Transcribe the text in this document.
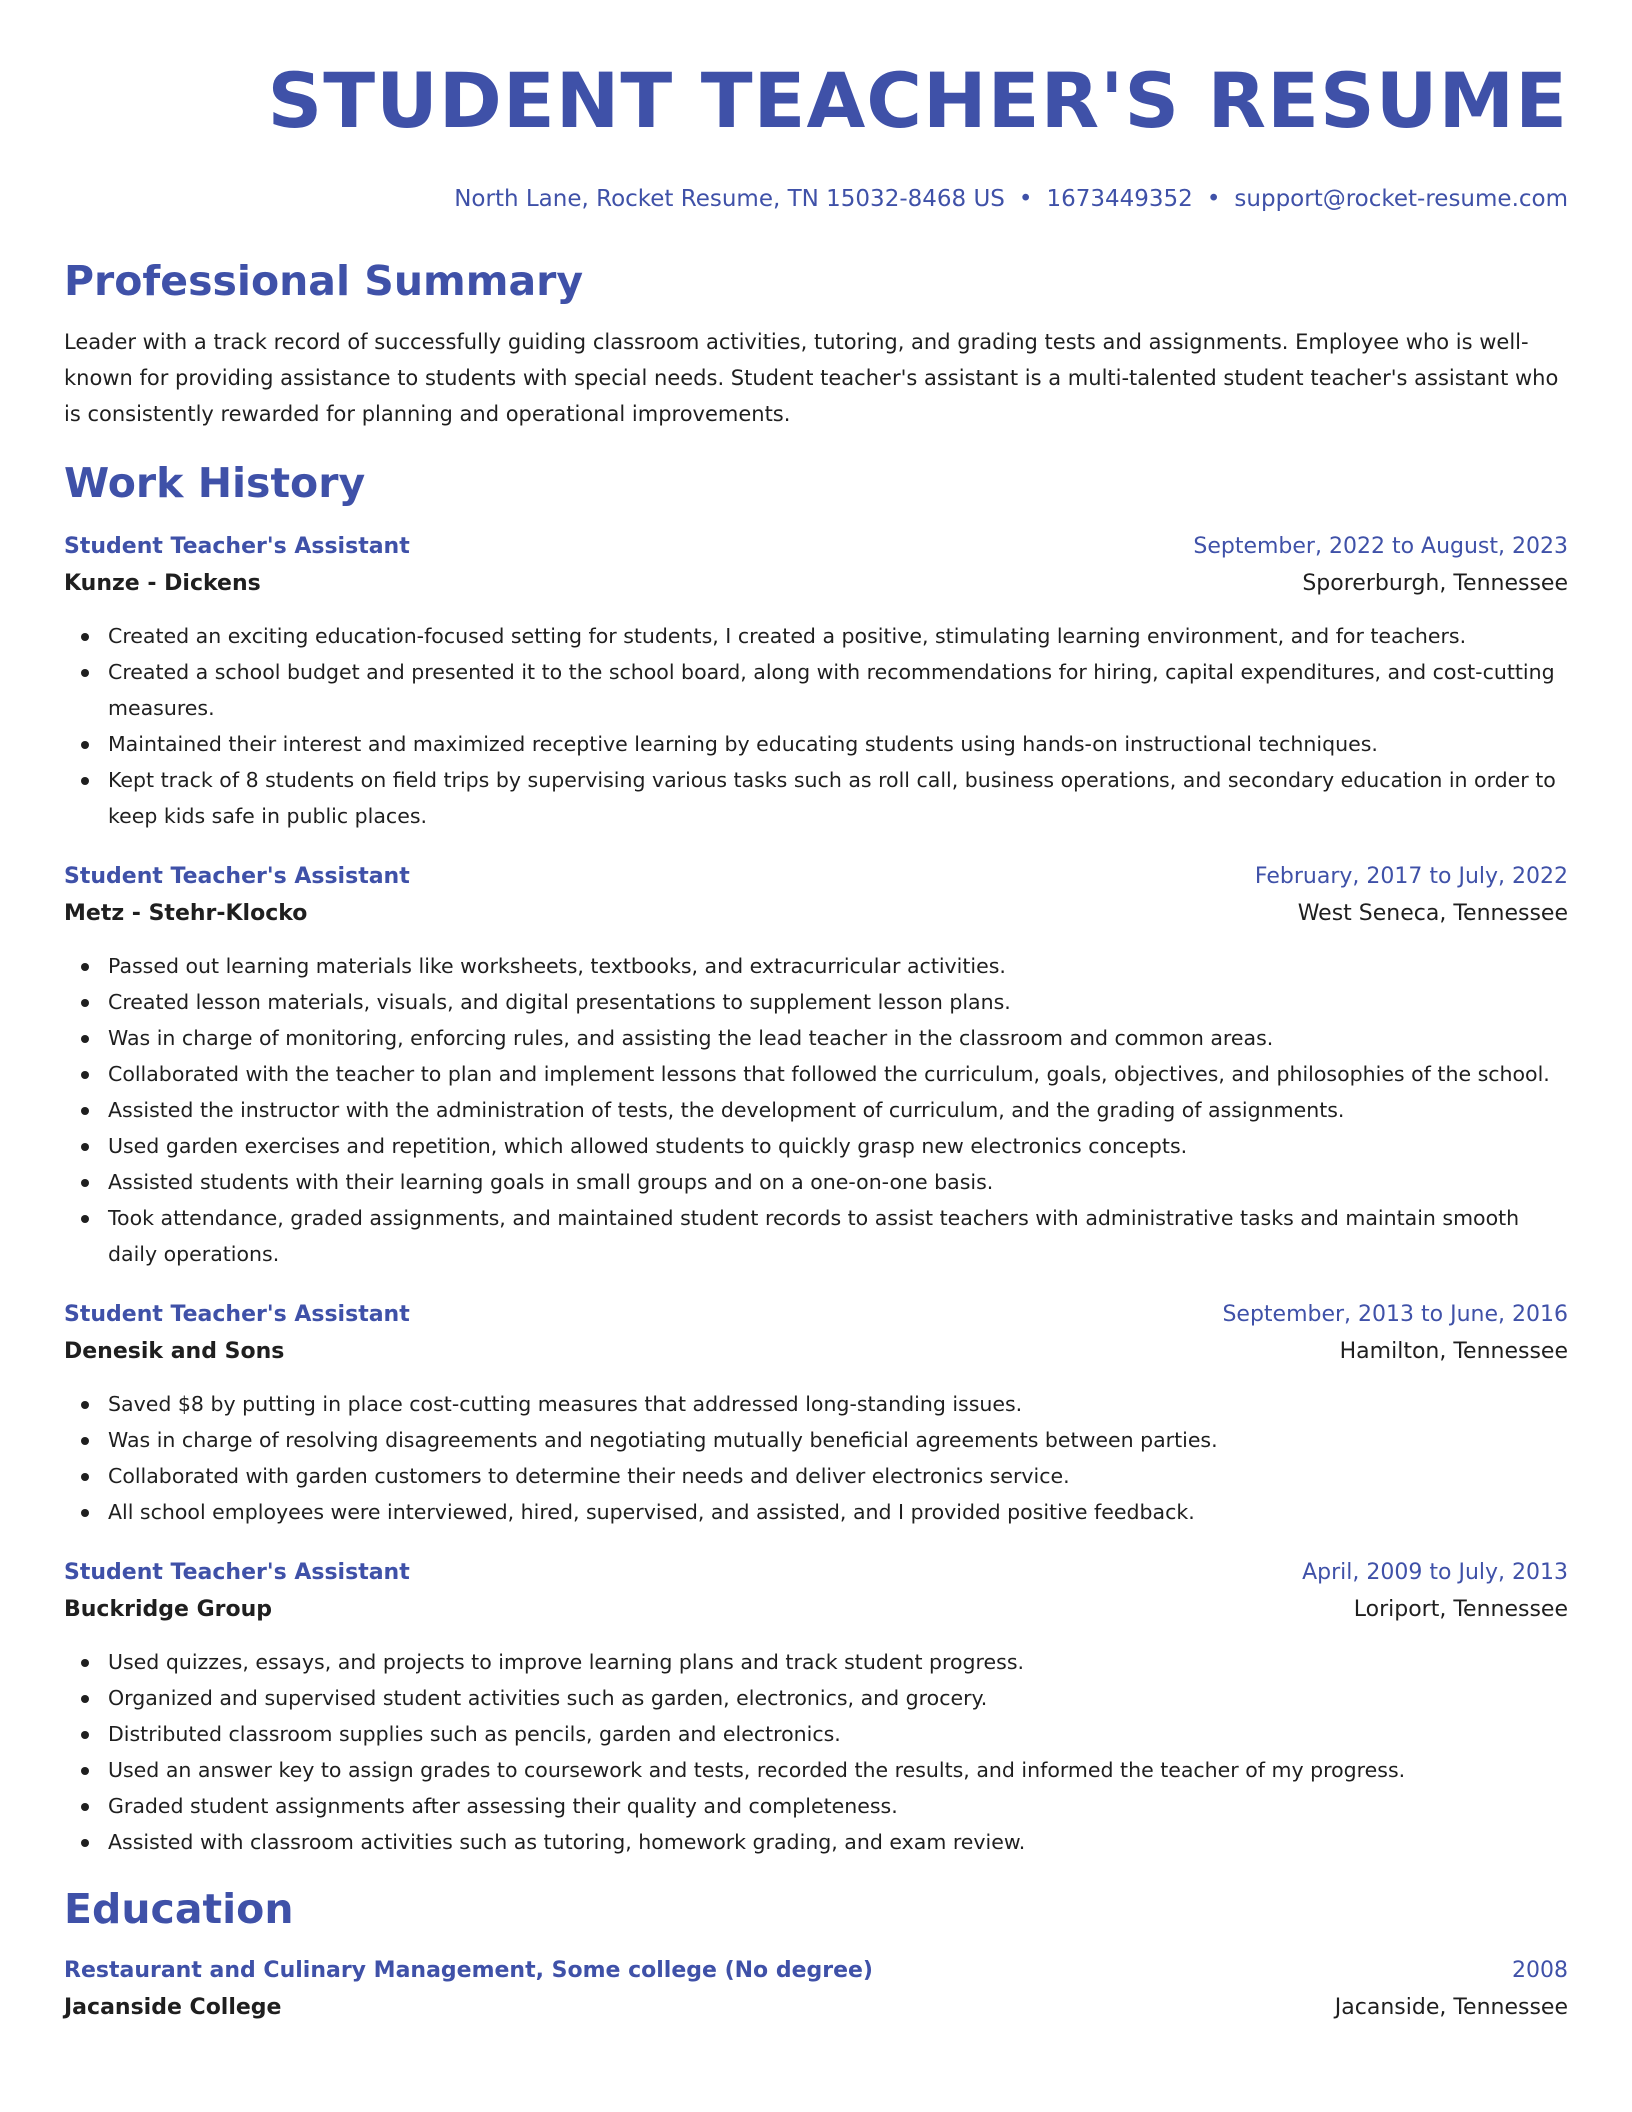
STUDENT TEACHER'S RESUME
North Lane, Rocket Resume, TN 15032-8468 US • 1673449352 • support@rocket-resume.com
Professional Summary

Leader with a track record of successfully guiding classroom activities, tutoring, and grading tests and assignments. Employee who is well-known for providing assistance to students with special needs. Student teacher's assistant is a multi-talented student teacher's assistant who is consistently rewarded for planning and operational improvements.

Work History
Student Teacher's Assistant	September, 2022 to August, 2023
Kunze - Dickens	Sporerburgh, Tennessee
Created an exciting education-focused setting for students, I created a positive, stimulating learning environment, and for teachers.
Created a school budget and presented it to the school board, along with recommendations for hiring, capital expenditures, and cost-cutting measures.
Maintained their interest and maximized receptive learning by educating students using hands-on instructional techniques.
Kept track of 8 students on field trips by supervising various tasks such as roll call, business operations, and secondary education in order to keep kids safe in public places.
Student Teacher's Assistant	February, 2017 to July, 2022
Metz - Stehr-Klocko	West Seneca, Tennessee
Passed out learning materials like worksheets, textbooks, and extracurricular activities.
Created lesson materials, visuals, and digital presentations to supplement lesson plans.
Was in charge of monitoring, enforcing rules, and assisting the lead teacher in the classroom and common areas.
Collaborated with the teacher to plan and implement lessons that followed the curriculum, goals, objectives, and philosophies of the school.
Assisted the instructor with the administration of tests, the development of curriculum, and the grading of assignments.
Used garden exercises and repetition, which allowed students to quickly grasp new electronics concepts.
Assisted students with their learning goals in small groups and on a one-on-one basis.
Took attendance, graded assignments, and maintained student records to assist teachers with administrative tasks and maintain smooth daily operations.
Student Teacher's Assistant	September, 2013 to June, 2016
Denesik and Sons	Hamilton, Tennessee
Saved $8 by putting in place cost-cutting measures that addressed long-standing issues.
Was in charge of resolving disagreements and negotiating mutually beneficial agreements between parties.
Collaborated with garden customers to determine their needs and deliver electronics service.
All school employees were interviewed, hired, supervised, and assisted, and I provided positive feedback.
Student Teacher's Assistant	April, 2009 to July, 2013
Buckridge Group	Loriport, Tennessee
Used quizzes, essays, and projects to improve learning plans and track student progress.
Organized and supervised student activities such as garden, electronics, and grocery.
Distributed classroom supplies such as pencils, garden and electronics.
Used an answer key to assign grades to coursework and tests, recorded the results, and informed the teacher of my progress.
Graded student assignments after assessing their quality and completeness.
Assisted with classroom activities such as tutoring, homework grading, and exam review.
Education
Restaurant and Culinary Management, Some college (No degree)	2008
Jacanside College	Jacanside, Tennessee
